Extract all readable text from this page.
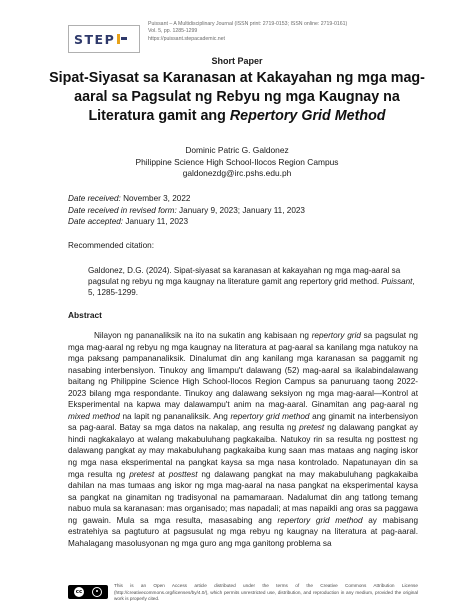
STEP
Puissant – A Multidisciplinary Journal (ISSN print: 2719-0153; ISSN online: 2719-0161)
Vol. 5, pp. 1285-1299
https://puissant.stepacademic.net
Short Paper
Sipat-Siyasat sa Karanasan at Kakayahan ng mga mag-aaral sa Pagsulat ng Rebyu ng mga Kaugnay na Literatura gamit ang Repertory Grid Method
Dominic Patric G. Galdonez
Philippine Science High School-Ilocos Region Campus
galdonezdg@irc.pshs.edu.ph
Date received: November 3, 2022
Date received in revised form: January 9, 2023; January 11, 2023
Date accepted: January 11, 2023
Recommended citation:
Galdonez, D.G. (2024). Sipat-siyasat sa karanasan at kakayahan ng mga mag-aaral sa pagsulat ng rebyu ng mga kaugnay na literature gamit ang repertory grid method. Puissant, 5, 1285-1299.
Abstract
Nilayon ng pananaliksik na ito na sukatin ang kabisaan ng repertory grid sa pagsulat ng mga mag-aaral ng rebyu ng mga kaugnay na literatura at pag-aaral sa kanilang mga natukoy na mga paksang pampananaliksik. Dinalumat din ang kanilang mga karanasan sa paggamit ng nasabing interbensiyon. Tinukoy ang limampu't dalawang (52) mag-aaral sa ikalabindalawang baitang ng Philippine Science High School-Ilocos Region Campus sa panuruang taong 2022-2023 bilang mga respondante. Tinukoy ang dalawang seksiyon ng mga mag-aaral—Kontrol at Eksperimental na kapwa may dalawampu't anim na mag-aaral. Ginamitan ang pag-aaral ng mixed method na lapit ng pananaliksik. Ang repertory grid method ang ginamit na interbensiyon sa pag-aaral. Batay sa mga datos na nakalap, ang resulta ng pretest ng dalawang pangkat ay hindi nagkakalayo at walang makabuluhang pagkakaiba. Natukoy rin sa resulta ng posttest ng dalawang pangkat ay may makabuluhang pagkakaiba kung saan mas mataas ang naging iskor ng mga nasa eksperimental na pangkat kaysa sa mga nasa kontrolado. Napatunayan din sa mga resulta ng pretest at posttest ng dalawang pangkat na may makabuluhang pagkakaiba dahilan na mas tumaas ang iskor ng mga mag-aaral na nasa pangkat na eksperimental kaysa sa pangkat na ginamitan ng tradisyonal na pamamaraan. Nadalumat din ang tatlong temang nabuo mula sa karanasan: mas organisado; mas napadali; at mas napaikli ang oras sa paggawa ng gawain. Mula sa mga resulta, masasabing ang repertory grid method ay mabisang estratehiya sa pagtuturo at pagsusulat ng mga rebyu ng kaugnay na literatura at pag-aaral. Mahalagang masolusyonan ng mga guro ang mga ganitong problema sa
cc
This is an Open Access article distributed under the terms of the Creative Commons Attribution License (http://creativecommons.org/licenses/by/4.0/), which permits unrestricted use, distribution, and reproduction in any medium, provided the original work is properly cited.
